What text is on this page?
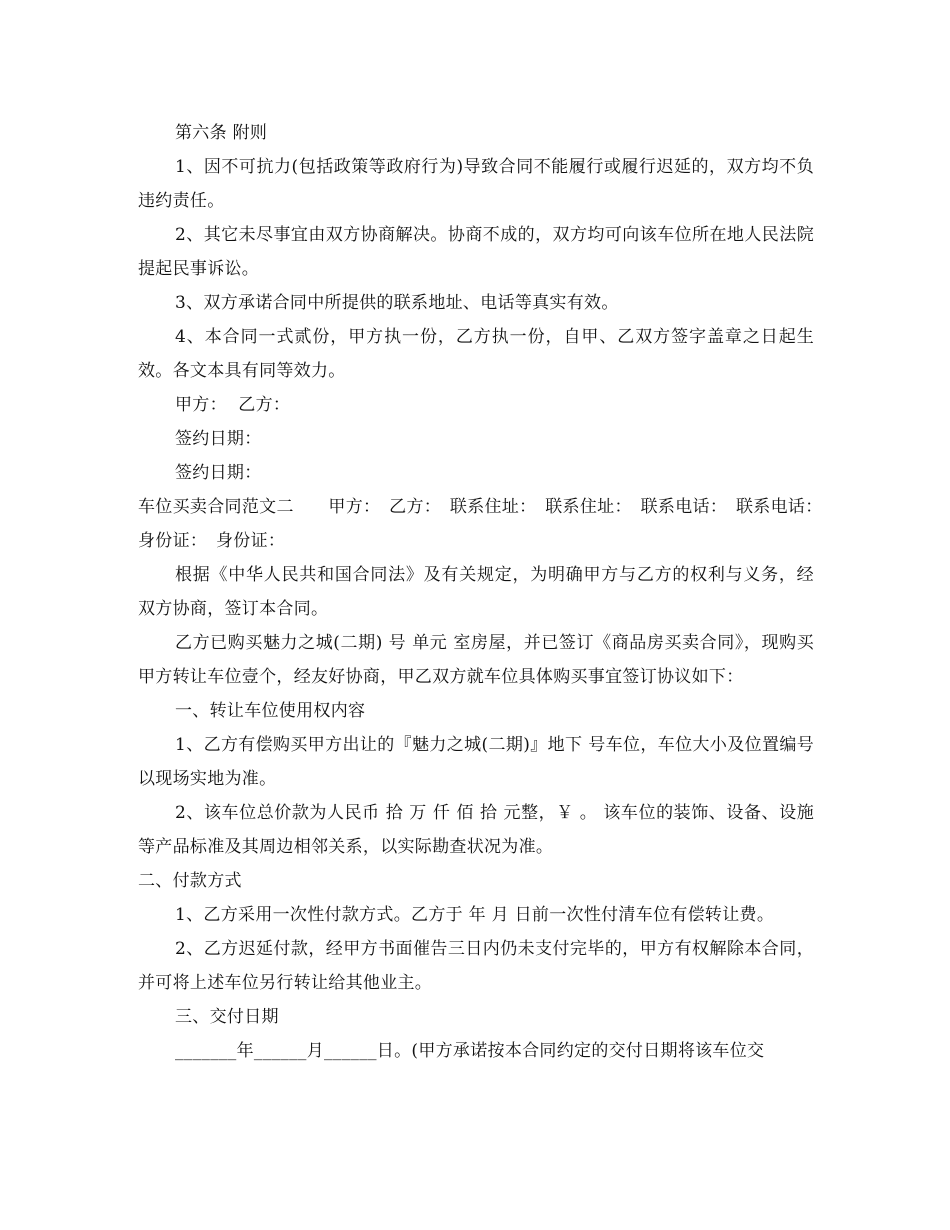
第六条 附则

1、因不可抗力(包括政策等政府行为)导致合同不能履行或履行迟延的，双方均不负违约责任。

2、其它未尽事宜由双方协商解决。协商不成的，双方均可向该车位所在地人民法院提起民事诉讼。

3、双方承诺合同中所提供的联系地址、电话等真实有效。

4、本合同一式贰份，甲方执一份，乙方执一份，自甲、乙双方签字盖章之日起生效。各文本具有同等效力。

甲方：  乙方：

签约日期：

签约日期：

车位买卖合同范文二　　甲方：　乙方：　联系住址：　联系住址：　联系电话：　联系电话：　身份证：　身份证：

根据《中华人民共和国合同法》及有关规定，为明确甲方与乙方的权利与义务，经双方协商，签订本合同。

乙方已购买魅力之城(二期) 号 单元 室房屋，并已签订《商品房买卖合同》，现购买甲方转让车位壹个，经友好协商，甲乙双方就车位具体购买事宜签订协议如下：

一、转让车位使用权内容

1、乙方有偿购买甲方出让的『魅力之城(二期)』地下 号车位，车位大小及位置编号以现场实地为准。

2、该车位总价款为人民币 拾 万 仟 佰 拾 元整，￥ 。 该车位的装饰、设备、设施等产品标准及其周边相邻关系，以实际勘查状况为准。

二、付款方式

1、乙方采用一次性付款方式。乙方于 年 月 日前一次性付清车位有偿转让费。

2、乙方迟延付款，经甲方书面催告三日内仍未支付完毕的，甲方有权解除本合同，并可将上述车位另行转让给其他业主。

三、交付日期

_______年______月______日。(甲方承诺按本合同约定的交付日期将该车位交
